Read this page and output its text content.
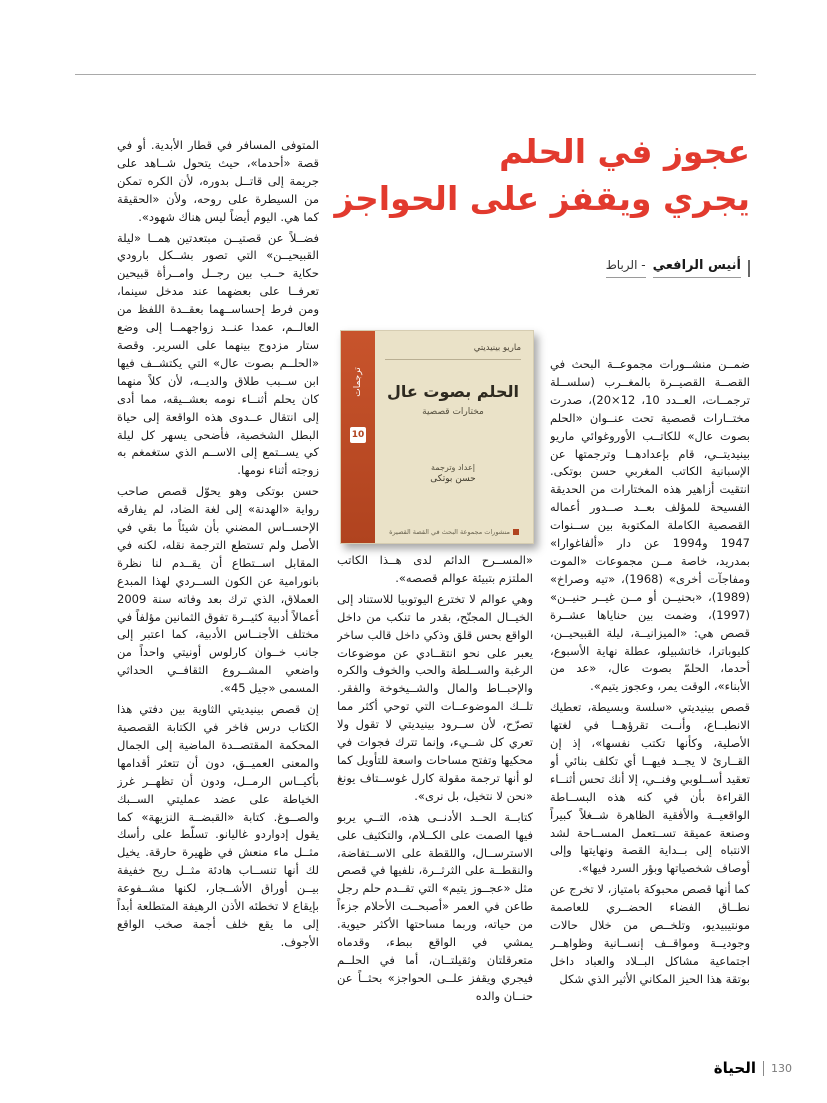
عجوز في الحلم
يجري ويقفز على الحواجز
أنيس الرافعي
- الرباط

ضمــن منشــورات مجموعــة البحث في القصــة القصيــرة بالمغــرب (سلســلة ترجمــات، العــدد 10، 12×20)، صدرت مختــارات قصصية تحت عنــوان «الحلم بصوت عال» للكاتــب الأوروغوائي ماريو بينيديتــي، قام بإعدادهــا وترجمتها عن الإسبانية الكاتب المغربي حسن بوتكى. انتقيت أزاهير هذه المختارات من الحديقة الفسيحة للمؤلف بعــد صــدور أعماله القصصية الكاملة المكتوبة بين ســنوات 1947 و1994 عن دار «ألفاغوارا» بمدريد، خاصة مــن مجموعات «الموت ومفاجآت أخرى» (1968)، «تيه وصراخ» (1989)، «بحنيــن أو مــن غيــر حنيــن» (1997)، وضمت بين حناياها عشــرة قصص هي: «الميزانيــة، ليلة القبيحيــن، كليوباترا، خاتشبيلو، عطلة نهاية الأسبوع، أحدما، الحلمّ بصوت عال، «عد من الأبناء»، الوقت يمر، وعجوز يتيم».

قصص بينيديتي «سلسة وبسيطة، تعطيك الانطبــاع، وأنــت تقرؤهــا في لغتها الأصلية، وكأنها تكتب نفسها»، إذ إن القــارئ لا يجــد فيهــا أي تكلف بنائي أو تعقيد أســلوبي وفنــي، إلا أنك تحس أثنــاء القراءة بأن في كنه هذه البســاطة الواقعيــة والأفقية الظاهرة شــغلاً كبيراً وصنعة عميقة تســتعمل المســاحة لشد الانتباه إلى بــداية القصة ونهايتها وإلى أوصاف شخصياتها وبؤر السرد فيها».

كما أنها قصص محبوكة بامتياز، لا تخرج عن نطــاق الفضاء الحضــري للعاصمة مونتيبيديو، وتلخــص من خلال حالات وجوديــة ومواقــف إنســانية وظواهــر اجتماعية مشاكل البــلاد والعباد داخل بوتقة هذا الحيز المكاني الأثير الذي شكل

ترجمات
10
ماريو بينيديتي
الحلم بصوت عال
مختارات قصصية
إعداد وترجمة
حسن بوتكى
منشورات مجموعة البحث في القصة القصيرة

«المســرح الدائم لدى هــذا الكاتب الملتزم بتبيئة عوالم قصصه».

وهي عوالم لا تخترع اليوتوبيا للاستناد إلى الخيــال المجنّح، بقدر ما تنكب من داخل الواقع بحس قلق وذكي داخل قالب ساخر يعبر على نحو انتقــادي عن موضوعات الرغبة والســلطة والحب والخوف والكره والإحبــاط والمال والشــيخوخة والفقر. تلــك الموضوعــات التي توحي أكثر مما تصرّح، لأن ســرود بينيديتي لا تقول ولا تعري كل شــيء، وإنما تترك فجوات في محكيها وتفتح مساحات واسعة للتأويل كما لو أنها ترجمة مقولة كارل غوســتاف يونغ «نحن لا نتخيل، بل نرى».

كتابــة الحــد الأدنــى هذه، التــي يربو فيها الصمت على الكــلام، والتكثيف على الاسترســال، واللقطة على الاســتفاضة، والنقطــة على الثرثــرة، نلفيها في قصص مثل «عجــوز يتيم» التي تقــدم حلم رجل طاعن في العمر «أصبحــت الأحلام جزءاً من حياته، وربما مساحتها الأكثر حيوية. يمشي في الواقع ببطء، وقدماه متعرقلتان وثقيلتــان، أما في الحلــم فيجري ويقفز علــى الحواجز» بحثــاً عن حنــان والده

المتوفى المسافر في قطار الأبدية. أو في قصة «أحدما»، حيث يتحول شــاهد على جريمة إلى قاتــل بدوره، لأن الكره تمكن من السيطرة على روحه، ولأن «الحقيقة كما هي. اليوم أيضاً ليس هناك شهود».

فضــلاً عن قصتيــن مبتعدتين همــا «ليلة القبيحيــن» التي تصور بشــكل بارودي حكاية حــب بين رجــل وامــرأة قبيحين تعرفــا على بعضهما عند مدخل سينما، ومن فرط إحساســهما بعقــدة اللفظ من العالــم، عمدا عنــد زواجهمــا إلى وضع ستار مزدوج بينهما على السرير. وقصة «الحلــم بصوت عال» التي يكتشــف فيها ابن ســبب طلاق والديــه، لأن كلاً منهما كان يحلم أثنــاء نومه بعشــيقه، مما أدى إلى انتقال عــدوى هذه الواقعة إلى حياة البطل الشخصية، فأضحى يسهر كل ليلة كي يســتمع إلى الاســم الذي ستغمغم به زوجته أثناء نومها.

حسن بوتكى وهو يحوّل قصص صاحب رواية «الهدنة» إلى لغة الضاد، لم يفارقه الإحســاس المضني بأن شيئاً ما بقي في الأصل ولم تستطع الترجمة نقله، لكنه في المقابل اســتطاع أن يقــدم لنا نظرة بانورامية عن الكون الســردي لهذا المبدع العملاق، الذي ترك بعد وفاته سنة 2009 أعمالاً أدبية كثيــرة تفوق الثمانين مؤلفاً في مختلف الأجنــاس الأدبية، كما اعتبر إلى جانب خــوان كارلوس أونيتي واحداً من واضعي المشــروع الثقافــي الحداثي المسمى «جيل 45».

إن قصص بينيديتي الثاوية بين دفتي هذا الكتاب درس فاخر في الكتابة القصصية المحكمة المقتصــدة الماضية إلى الجمال والمعنى العميــق، دون أن تتعثر أقدامها بأكيــاس الرمــل، ودون أن تظهــر غرز الخياطة على عضد عمليتي الســبك والصــوغ. كتابة «القبضــة النزيهة» كما يقول إدواردو غاليانو. تسلّط على رأسك مثــل ماء منعش في ظهيرة حارقة. يخيل لك أنها تنســاب هادئة مثــل ريح خفيفة بيــن أوراق الأشــجار، لكنها مشــفوعة بإيقاع لا تخطئه الأذن الرهيفة المتطلعة أبداً إلى ما يقع خلف أجمة صخب الواقع الأجوف.

الحياة 130
